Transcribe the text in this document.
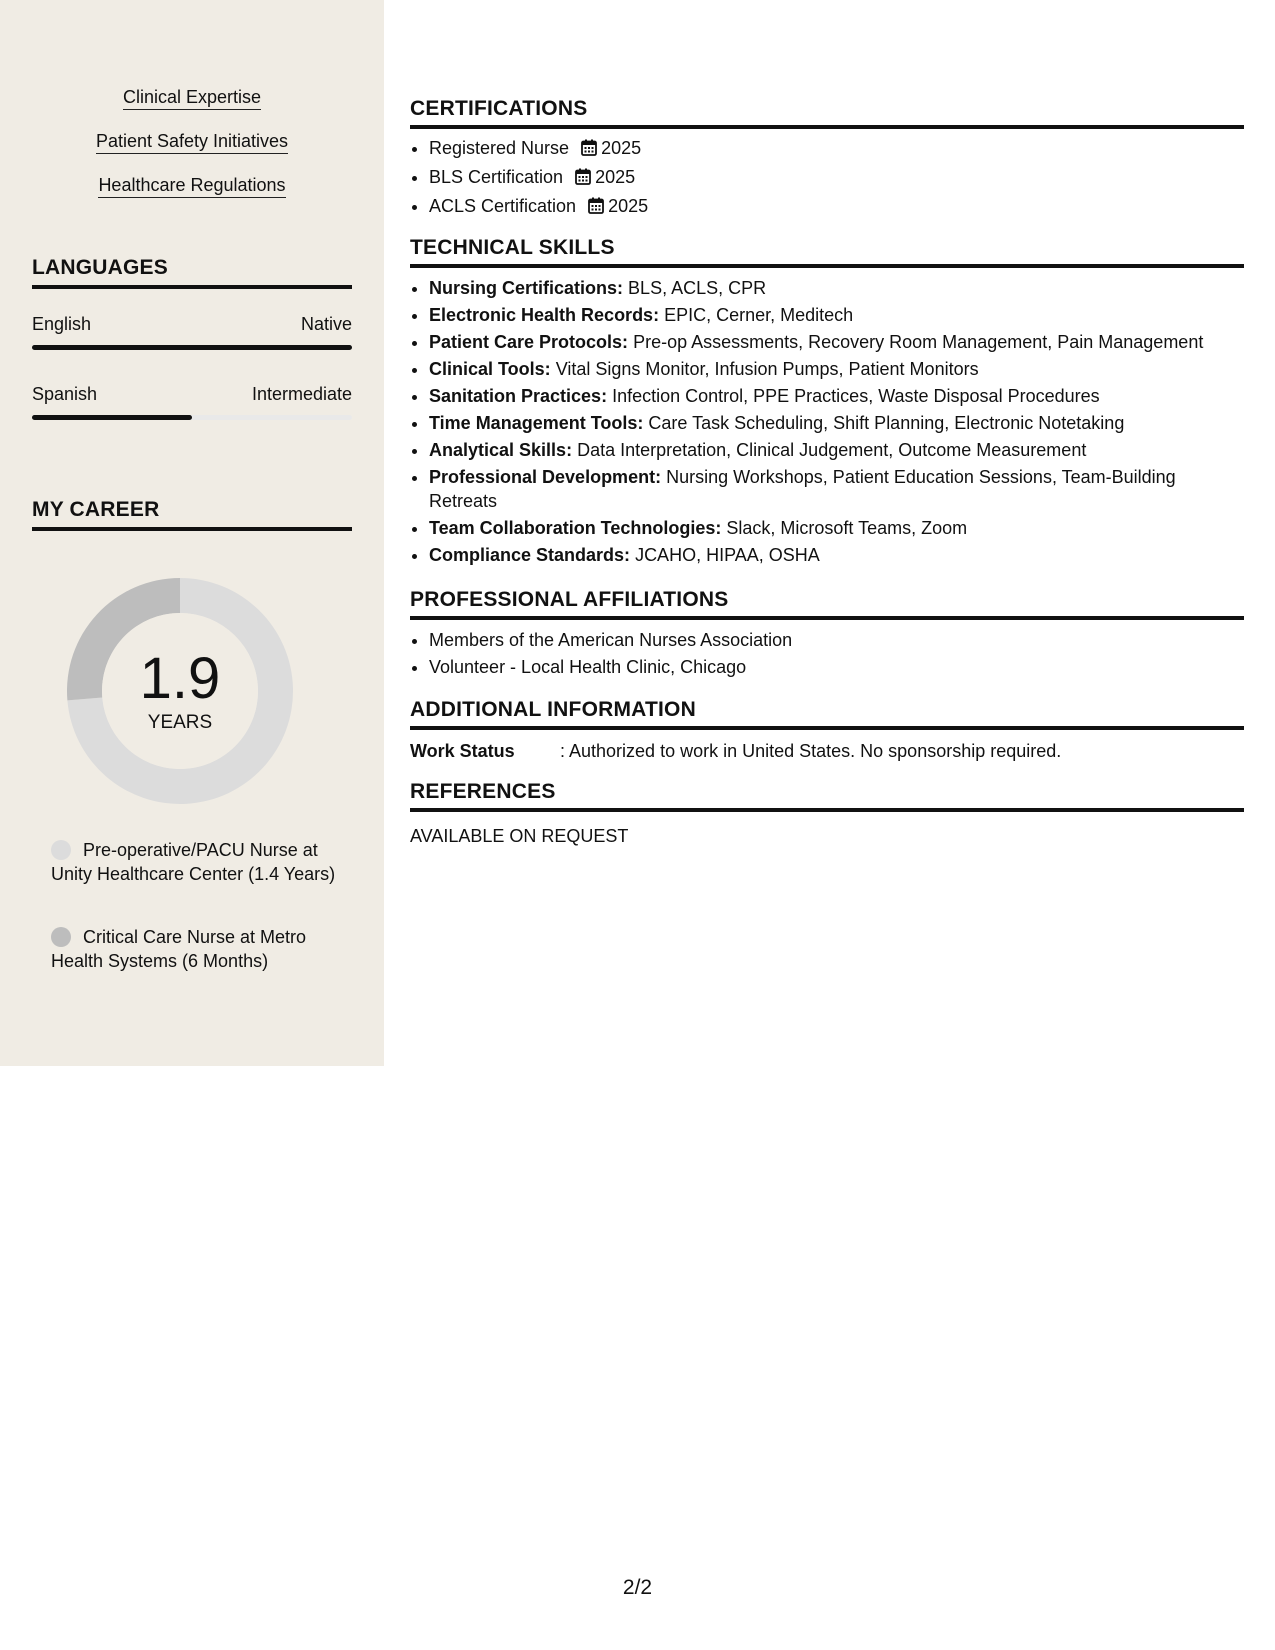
Clinical Expertise
Patient Safety Initiatives
Healthcare Regulations
LANGUAGES
English	Native
Spanish	Intermediate
MY CAREER
1.9
YEARS
Pre-operative/PACU Nurse at Unity Healthcare Center (1.4 Years)
Critical Care Nurse at Metro Health Systems (6 Months)
CERTIFICATIONS
• Registered Nurse 2025
• BLS Certification 2025
• ACLS Certification 2025
TECHNICAL SKILLS
• Nursing Certifications: BLS, ACLS, CPR
• Electronic Health Records: EPIC, Cerner, Meditech
• Patient Care Protocols: Pre-op Assessments, Recovery Room Management, Pain Management
• Clinical Tools: Vital Signs Monitor, Infusion Pumps, Patient Monitors
• Sanitation Practices: Infection Control, PPE Practices, Waste Disposal Procedures
• Time Management Tools: Care Task Scheduling, Shift Planning, Electronic Notetaking
• Analytical Skills: Data Interpretation, Clinical Judgement, Outcome Measurement
• Professional Development: Nursing Workshops, Patient Education Sessions, Team-Building Retreats
• Team Collaboration Technologies: Slack, Microsoft Teams, Zoom
• Compliance Standards: JCAHO, HIPAA, OSHA
PROFESSIONAL AFFILIATIONS
• Members of the American Nurses Association
• Volunteer - Local Health Clinic, Chicago
ADDITIONAL INFORMATION
Work Status	: Authorized to work in United States. No sponsorship required.
REFERENCES
AVAILABLE ON REQUEST
2/2
